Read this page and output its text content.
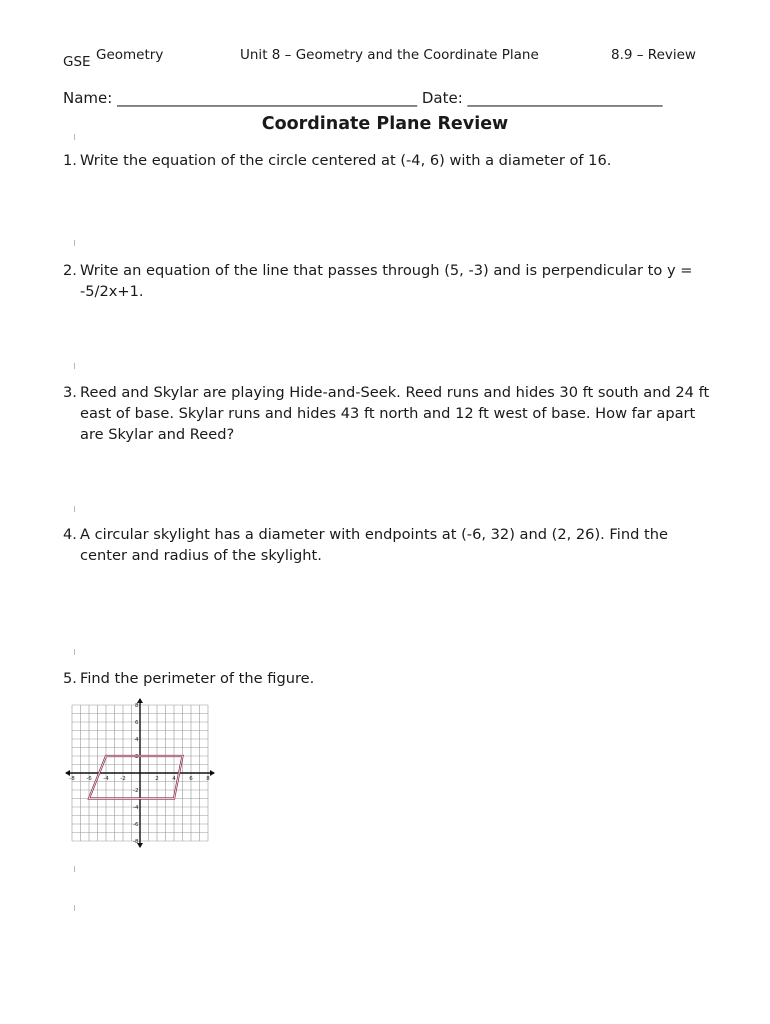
GSE Geometry	Unit 8 – Geometry and the Coordinate Plane	8.9 – Review
Name: ________________________________________ Date: __________________________
Coordinate Plane Review
1. Write the equation of the circle centered at (-4, 6) with a diameter of 16.
2. Write an equation of the line that passes through (5, -3) and is perpendicular to y = -5/2x+1.
3. Reed and Skylar are playing Hide-and-Seek. Reed runs and hides 30 ft south and 24 ft east of base. Skylar runs and hides 43 ft north and 12 ft west of base. How far apart are Skylar and Reed?
4. A circular skylight has a diameter with endpoints at (-6, 32) and (2, 26). Find the center and radius of the skylight.
5. Find the perimeter of the figure.
-8 -6 -4 -2	2 4 6 8
8
6
4
2
-2
-4
-6
-8
